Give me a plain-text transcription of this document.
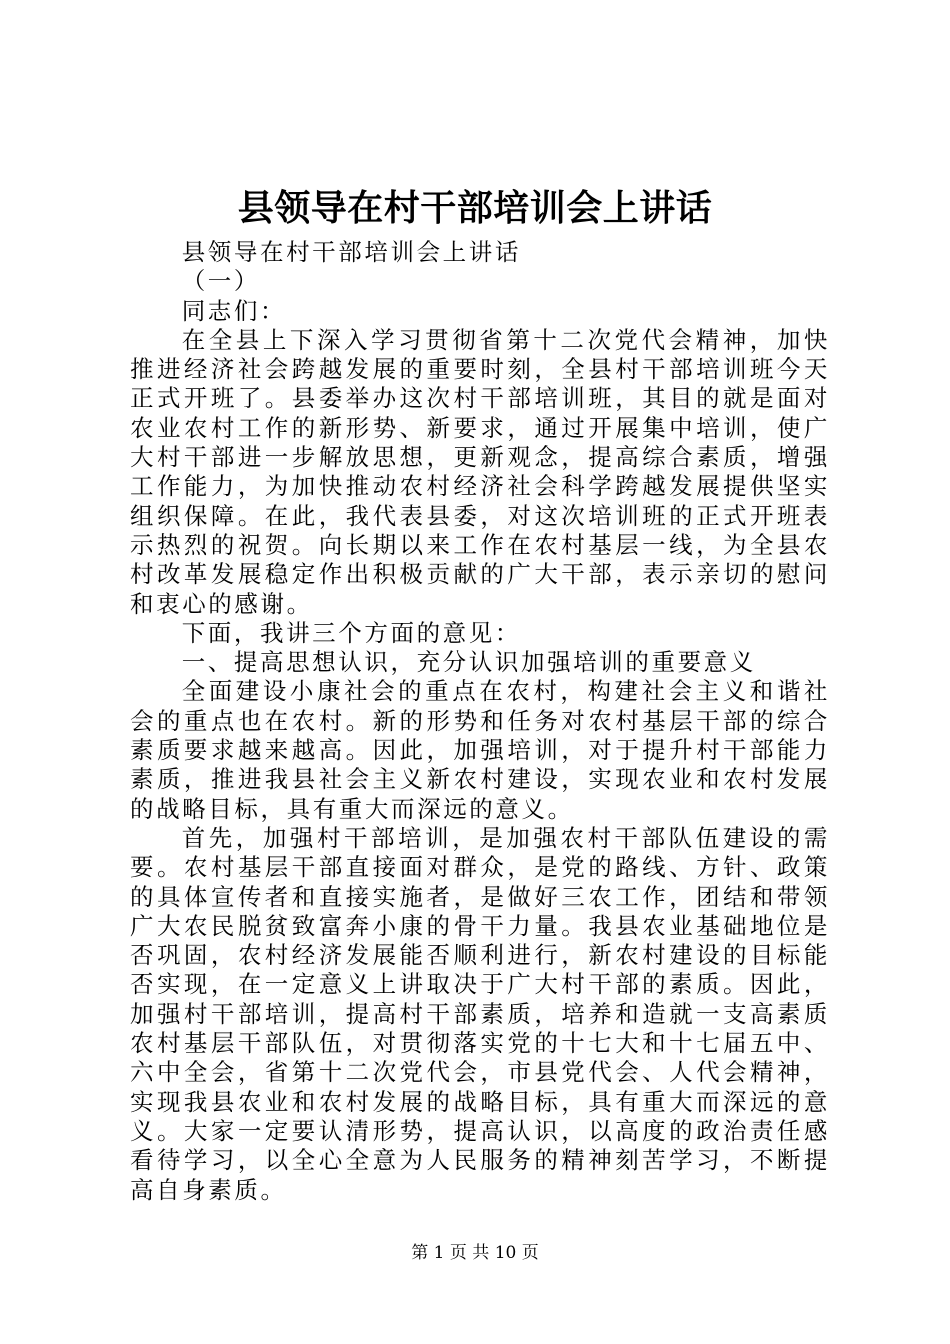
县领导在村干部培训会上讲话

县领导在村干部培训会上讲话

（一）

同志们：

在全县上下深入学习贯彻省第十二次党代会精神，加快推进经济社会跨越发展的重要时刻，全县村干部培训班今天正式开班了。县委举办这次村干部培训班，其目的就是面对农业农村工作的新形势、新要求，通过开展集中培训，使广大村干部进一步解放思想，更新观念，提高综合素质，增强工作能力，为加快推动农村经济社会科学跨越发展提供坚实组织保障。在此，我代表县委，对这次培训班的正式开班表示热烈的祝贺。向长期以来工作在农村基层一线，为全县农村改革发展稳定作出积极贡献的广大干部，表示亲切的慰问和衷心的感谢。

下面，我讲三个方面的意见：

一、提高思想认识，充分认识加强培训的重要意义

全面建设小康社会的重点在农村，构建社会主义和谐社会的重点也在农村。新的形势和任务对农村基层干部的综合素质要求越来越高。因此，加强培训，对于提升村干部能力素质，推进我县社会主义新农村建设，实现农业和农村发展的战略目标，具有重大而深远的意义。

首先，加强村干部培训，是加强农村干部队伍建设的需要。农村基层干部直接面对群众，是党的路线、方针、政策的具体宣传者和直接实施者，是做好三农工作，团结和带领广大农民脱贫致富奔小康的骨干力量。我县农业基础地位是否巩固，农村经济发展能否顺利进行，新农村建设的目标能否实现，在一定意义上讲取决于广大村干部的素质。因此，加强村干部培训，提高村干部素质，培养和造就一支高素质农村基层干部队伍，对贯彻落实党的十七大和十七届五中、六中全会，省第十二次党代会，市县党代会、人代会精神，实现我县农业和农村发展的战略目标，具有重大而深远的意义。大家一定要认清形势，提高认识，以高度的政治责任感看待学习，以全心全意为人民服务的精神刻苦学习，不断提高自身素质。

第 1 页 共 10 页
